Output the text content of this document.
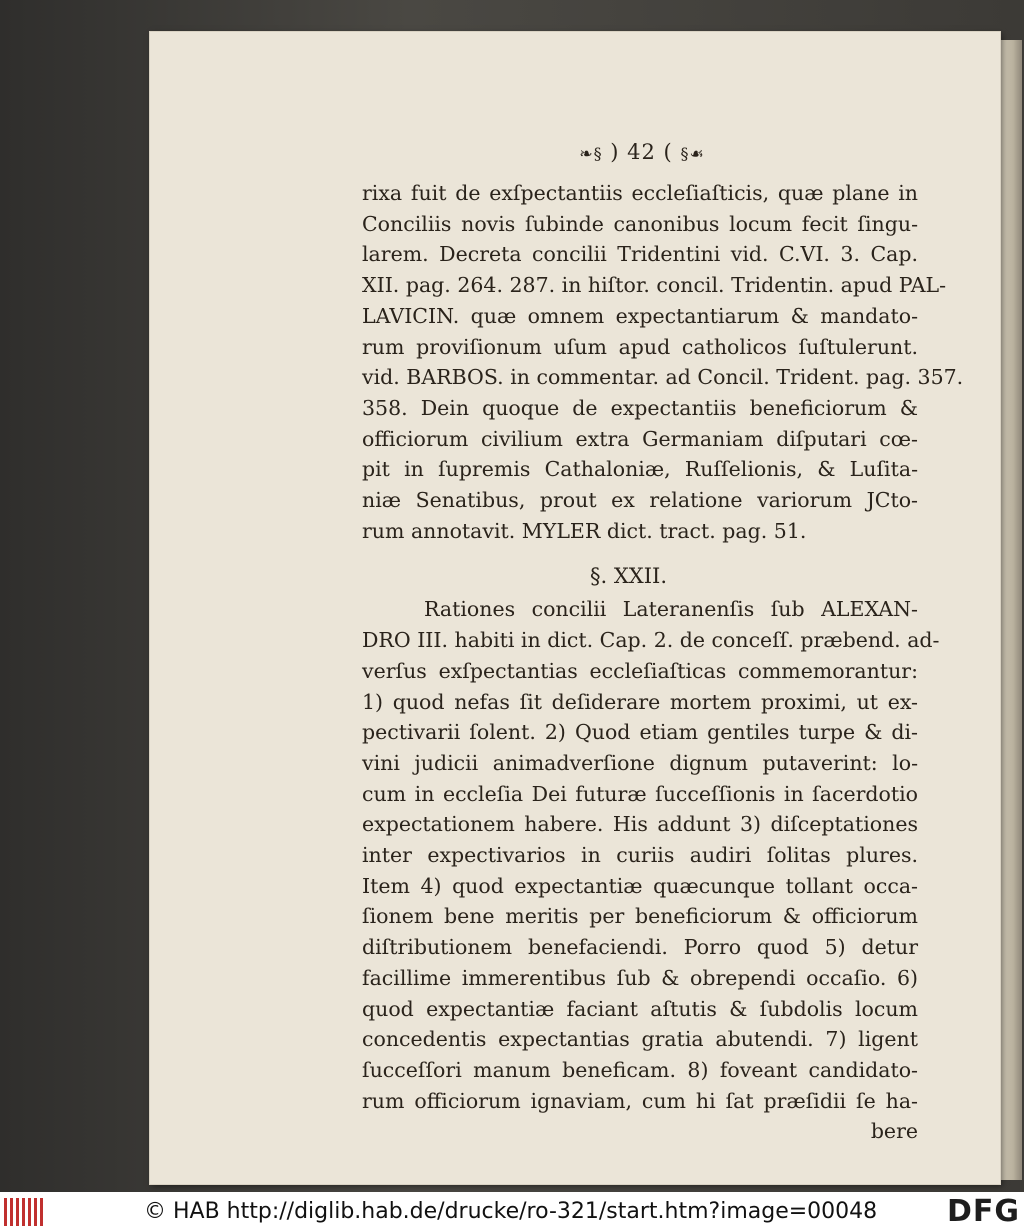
❧§ ) 42 ( §☙
rixa fuit de exſpectantiis eccleſiaſticis, quæ plane in
Conciliis novis ſubinde canonibus locum fecit ſingu-
larem. Decreta concilii Tridentini vid. C.VI. 3. Cap.
XII. pag. 264. 287. in hiſtor. concil. Tridentin. apud PAL-
LAVICIN. quæ omnem expectantiarum & mandato-
rum proviſionum uſum apud catholicos ſuſtulerunt.
vid. BARBOS. in commentar. ad Concil. Trident. pag. 357.
358. Dein quoque de expectantiis beneficiorum &
officiorum civilium extra Germaniam diſputari cœ-
pit in ſupremis Cathaloniæ, Ruſſelionis, & Luſita-
niæ Senatibus, prout ex relatione variorum JCto-
rum annotavit. MYLER dict. tract. pag. 51.
§. XXII.
Rationes concilii Lateranenſis ſub ALEXAN-
DRO III. habiti in dict. Cap. 2. de conceſſ. præbend. ad-
verſus exſpectantias eccleſiaſticas commemorantur:
1) quod nefas ſit deſiderare mortem proximi, ut ex-
pectivarii ſolent. 2) Quod etiam gentiles turpe & di-
vini judicii animadverſione dignum putaverint: lo-
cum in eccleſia Dei futuræ ſucceſſionis in ſacerdotio
expectationem habere. His addunt 3) diſceptationes
inter expectivarios in curiis audiri ſolitas plures.
Item 4) quod expectantiæ quæcunque tollant occa-
ſionem bene meritis per beneficiorum & officiorum
diſtributionem benefaciendi. Porro quod 5) detur
facillime immerentibus ſub & obrependi occaſio. 6)
quod expectantiæ faciant aſtutis & ſubdolis locum
concedentis expectantias gratia abutendi. 7) ligent
ſucceſſori manum beneficam. 8) foveant candidato-
rum officiorum ignaviam, cum hi ſat præſidii ſe ha-
bere
© HAB http://diglib.hab.de/drucke/ro-321/start.htm?image=00048 DFG
